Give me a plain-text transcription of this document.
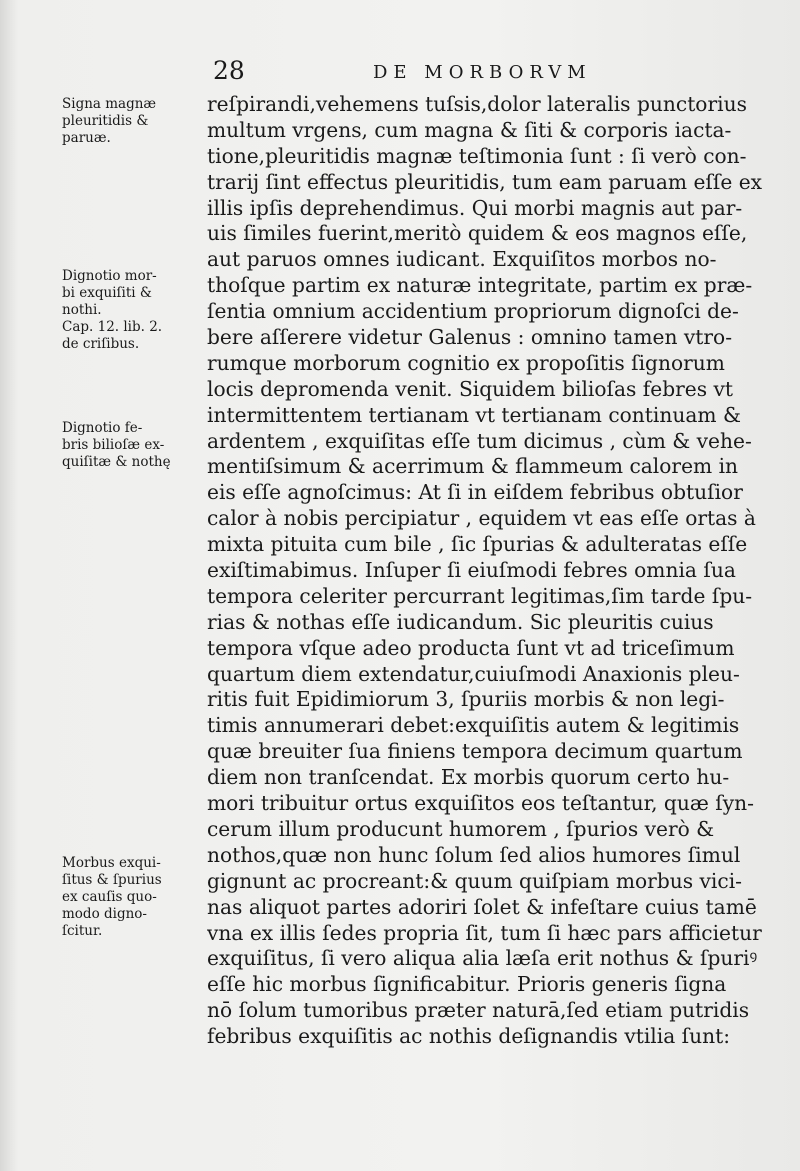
28	DE MORBORVM
reſpirandi,vehemens tuſsis,dolor lateralis punctorius
multum vrgens, cum magna & ſiti & corporis iacta-
tione,pleuritidis magnæ teſtimonia ſunt : ſi verò con-
trarij ſint effectus pleuritidis, tum eam paruam eſſe ex
illis ipſis deprehendimus. Qui morbi magnis aut par-
uis ſimiles fuerint,meritò quidem & eos magnos eſſe,
aut paruos omnes iudicant. Exquiſitos morbos no-
thoſque partim ex naturæ integritate, partim ex præ-
ſentia omnium accidentium propriorum dignoſci de-
bere aſſerere videtur Galenus : omnino tamen vtro-
rumque morborum cognitio ex propoſitis ſignorum
locis depromenda venit. Siquidem bilioſas febres vt
intermittentem tertianam vt tertianam continuam &
ardentem , exquiſitas eſſe tum dicimus , cùm & vehe-
mentiſsimum & acerrimum & flammeum calorem in
eis eſſe agnoſcimus: At ſi in eiſdem febribus obtuſior
calor à nobis percipiatur , equidem vt eas eſſe ortas à
mixta pituita cum bile , ſic ſpurias & adulteratas eſſe
exiſtimabimus. Inſuper ſi eiuſmodi febres omnia ſua
tempora celeriter percurrant legitimas,ſim tarde ſpu-
rias & nothas eſſe iudicandum. Sic pleuritis cuius
tempora vſque adeo producta ſunt vt ad triceſimum
quartum diem extendatur,cuiuſmodi Anaxionis pleu-
ritis fuit Epidimiorum 3, ſpuriis morbis & non legi-
timis annumerari debet:exquiſitis autem & legitimis
quæ breuiter ſua finiens tempora decimum quartum
diem non tranſcendat. Ex morbis quorum certo hu-
mori tribuitur ortus exquiſitos eos teſtantur, quæ ſyn-
cerum illum producunt humorem , ſpurios verò &
nothos,quæ non hunc ſolum ſed alios humores ſimul
gignunt ac procreant:& quum quiſpiam morbus vici-
nas aliquot partes adoriri ſolet & infeſtare cuius tamē
vna ex illis ſedes propria ſit, tum ſi hæc pars afficietur
exquiſitus, ſi vero aliqua alia læſa erit nothus & ſpuriꝰ
eſſe hic morbus ſignificabitur. Prioris generis ſigna
nō ſolum tumoribus præter naturā,ſed etiam putridis
febribus exquiſitis ac nothis deſignandis vtilia ſunt:
Signa magnæ
pleuritidis &
paruæ.
Dignotio mor-
bi exquiſiti &
nothi.
Cap. 12. lib. 2.
de criſibus.
Dignotio fe-
bris bilioſæ ex-
quiſitæ & nothę
Morbus exqui-
ſitus & ſpurius
ex cauſis quo-
modo digno-
ſcitur.
